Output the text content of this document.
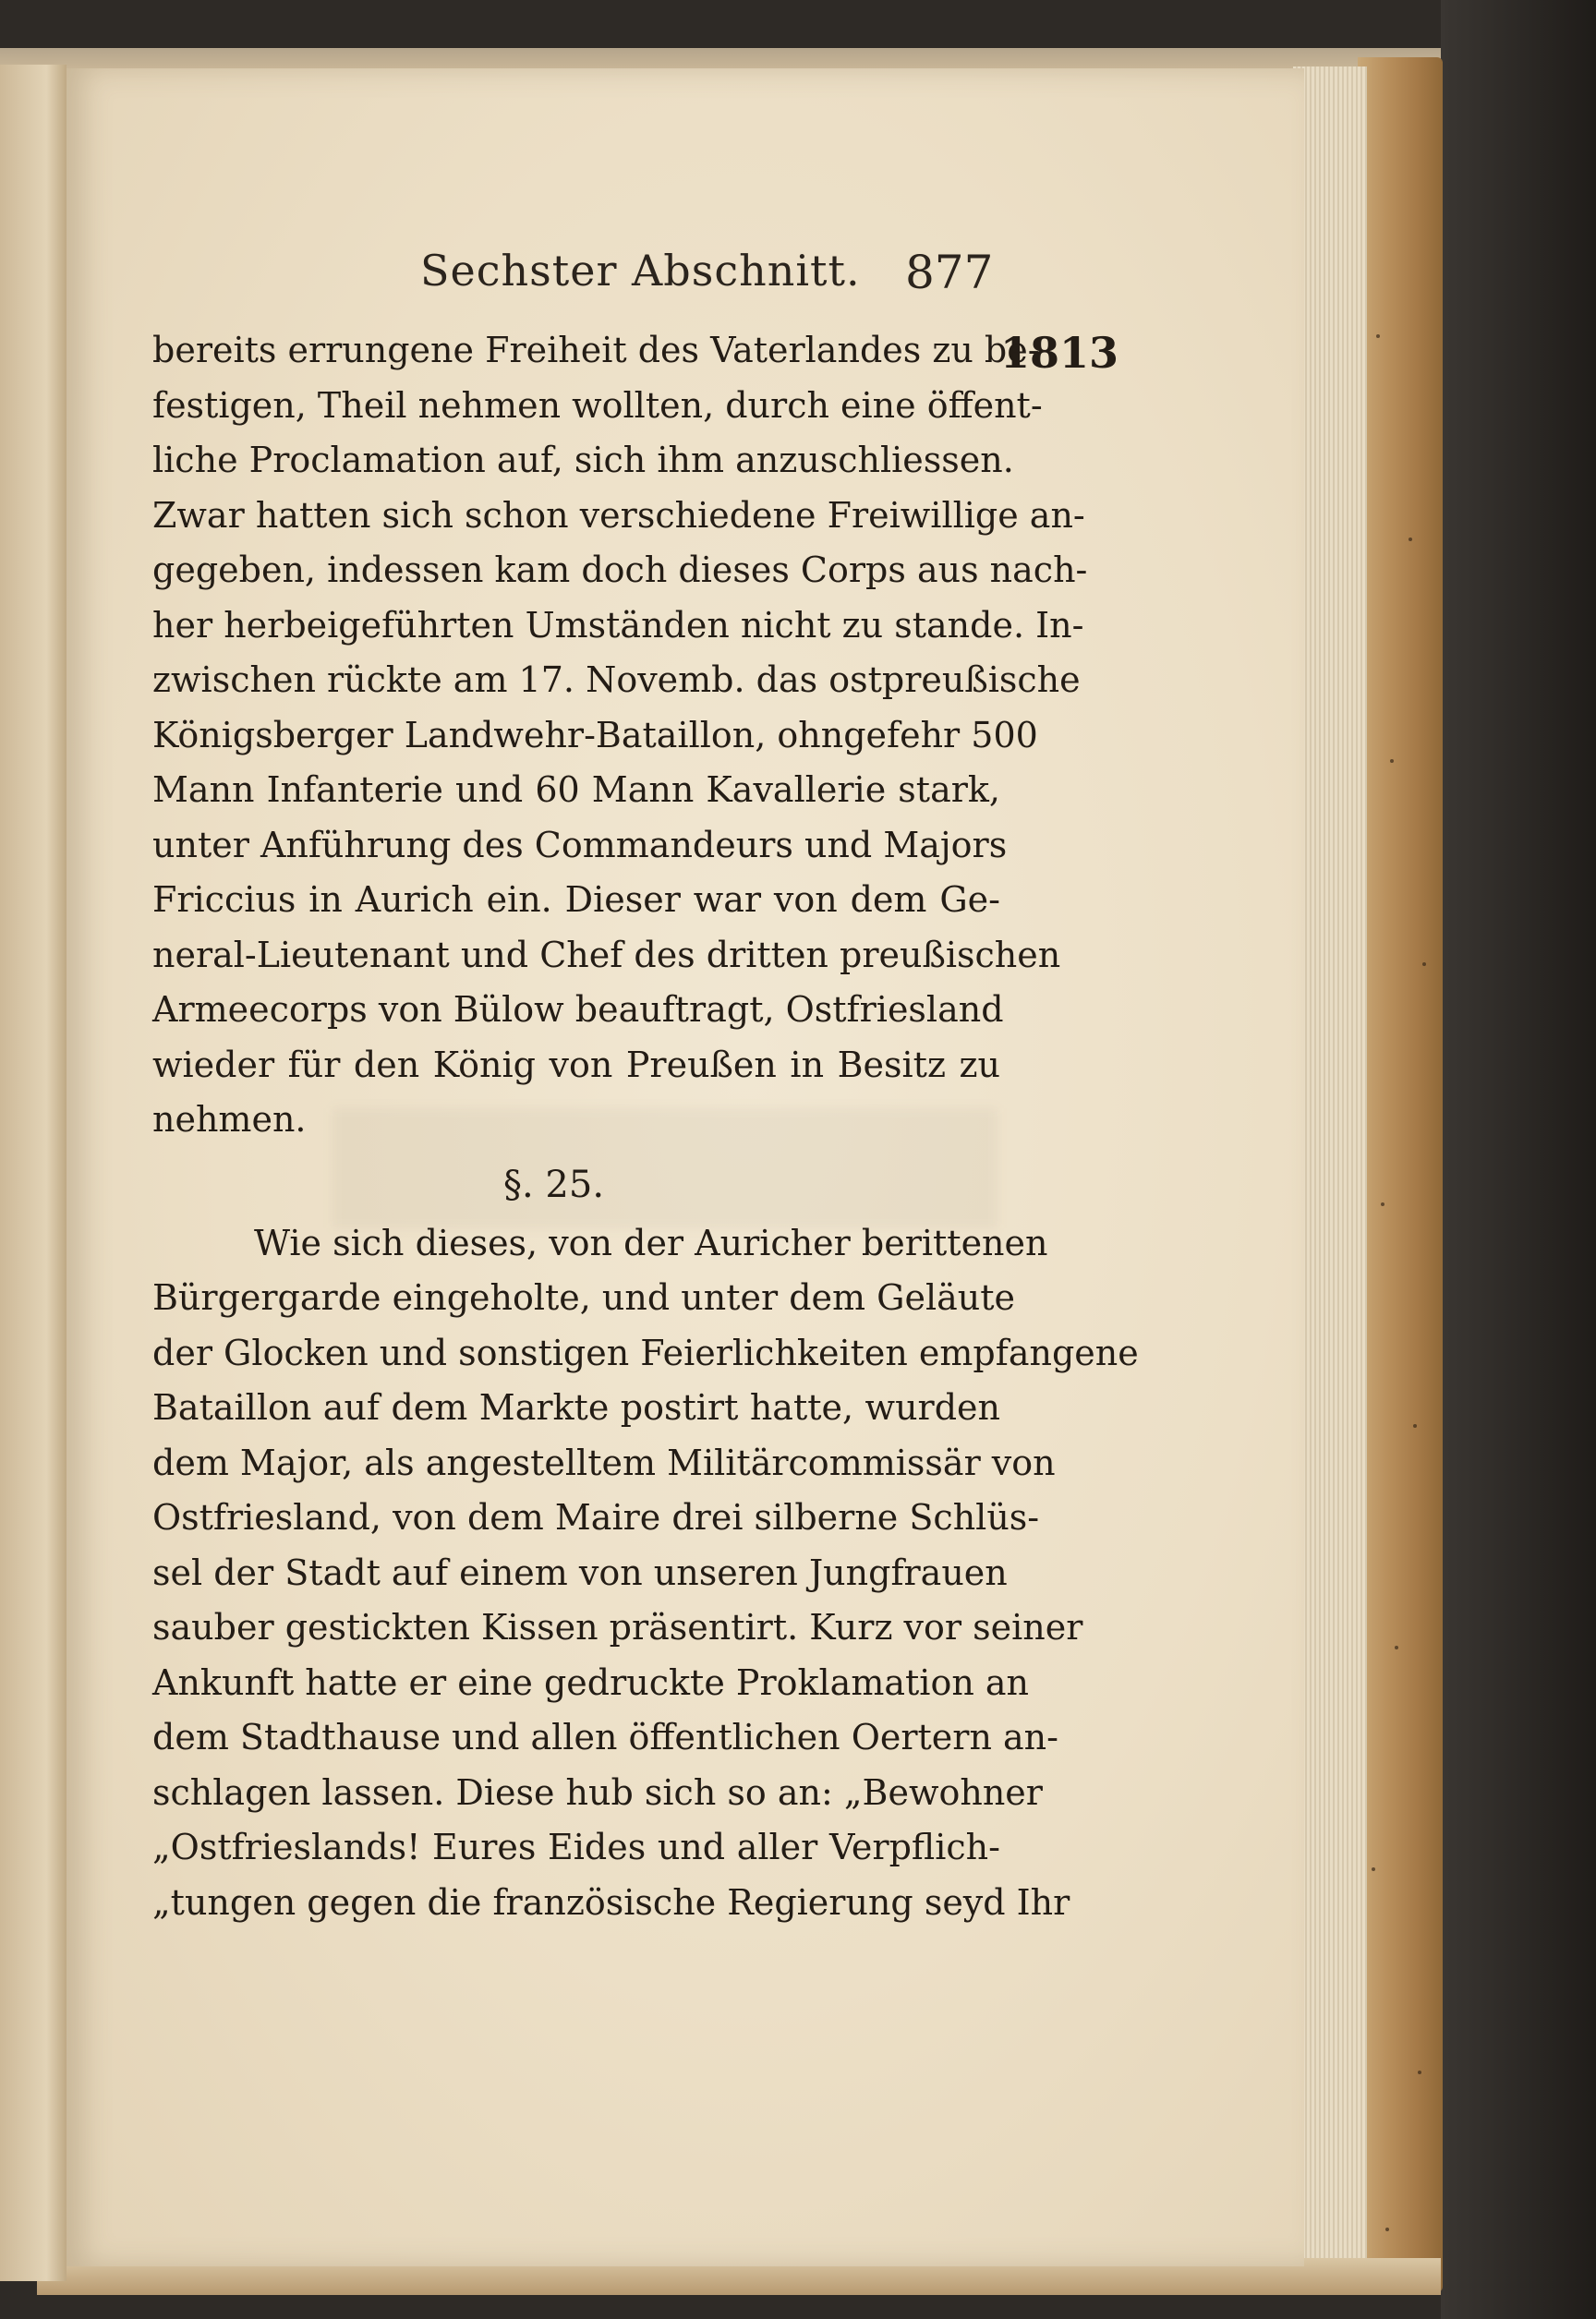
Sechster Abschnitt. 877
1813
bereits errungene Freiheit des Vaterlandes zu be-
festigen, Theil nehmen wollten, durch eine öffent-
liche Proclamation auf, sich ihm anzuschliessen.
Zwar hatten sich schon verschiedene Freiwillige an-
gegeben, indessen kam doch dieses Corps aus nach-
her herbeigeführten Umständen nicht zu stande. In-
zwischen rückte am 17. Novemb. das ostpreußische
Königsberger Landwehr-Bataillon, ohngefehr 500
Mann Infanterie und 60 Mann Kavallerie stark,
unter Anführung des Commandeurs und Majors
Friccius in Aurich ein. Dieser war von dem Ge-
neral-Lieutenant und Chef des dritten preußischen
Armeecorps von Bülow beauftragt, Ostfriesland
wieder für den König von Preußen in Besitz zu
nehmen.
§. 25.
Wie sich dieses, von der Auricher berittenen
Bürgergarde eingeholte, und unter dem Geläute
der Glocken und sonstigen Feierlichkeiten empfangene
Bataillon auf dem Markte postirt hatte, wurden
dem Major, als angestelltem Militärcommissär von
Ostfriesland, von dem Maire drei silberne Schlüs-
sel der Stadt auf einem von unseren Jungfrauen
sauber gestickten Kissen präsentirt. Kurz vor seiner
Ankunft hatte er eine gedruckte Proklamation an
dem Stadthause und allen öffentlichen Oertern an-
schlagen lassen. Diese hub sich so an: „Bewohner
„Ostfrieslands! Eures Eides und aller Verpflich-
„tungen gegen die französische Regierung seyd Ihr
